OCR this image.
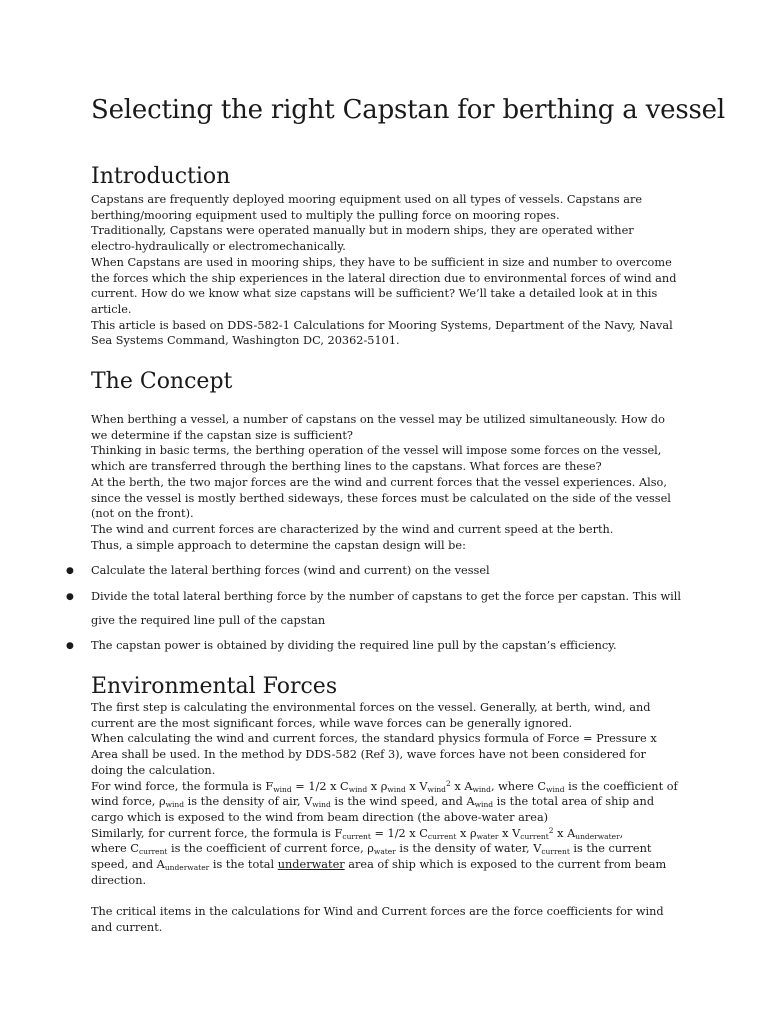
Selecting the right Capstan for berthing a vessel
Introduction

Capstans are frequently deployed mooring equipment used on all types of vessels. Capstans are berthing/mooring equipment used to multiply the pulling force on mooring ropes.

Traditionally, Capstans were operated manually but in modern ships, they are operated wither electro-hydraulically or electromechanically.

When Capstans are used in mooring ships, they have to be sufficient in size and number to overcome the forces which the ship experiences in the lateral direction due to environmental forces of wind and current. How do we know what size capstans will be sufficient? We’ll take a detailed look at in this article.

This article is based on DDS-582-1 Calculations for Mooring Systems, Department of the Navy, Naval Sea Systems Command, Washington DC, 20362-5101.

The Concept

When berthing a vessel, a number of capstans on the vessel may be utilized simultaneously. How do we determine if the capstan size is sufficient?

Thinking in basic terms, the berthing operation of the vessel will impose some forces on the vessel, which are transferred through the berthing lines to the capstans. What forces are these?

At the berth, the two major forces are the wind and current forces that the vessel experiences. Also, since the vessel is mostly berthed sideways, these forces must be calculated on the side of the vessel (not on the front).

The wind and current forces are characterized by the wind and current speed at the berth.

Thus, a simple approach to determine the capstan design will be:

● Calculate the lateral berthing forces (wind and current) on the vessel
● Divide the total lateral berthing force by the number of capstans to get the force per capstan. This will give the required line pull of the capstan
● The capstan power is obtained by dividing the required line pull by the capstan’s efficiency.
Environmental Forces

The first step is calculating the environmental forces on the vessel. Generally, at berth, wind, and current are the most significant forces, while wave forces can be generally ignored.

When calculating the wind and current forces, the standard physics formula of Force = Pressure x Area shall be used. In the method by DDS-582 (Ref 3), wave forces have not been considered for doing the calculation.

For wind force, the formula is $F_{wind} = 1/2$ x $C_{wind}$ x $\rho_{wind}$ x $V_{wind}^2$ x $A_{wind}$, where $C_{wind}$ is the coefficient of wind force, $\rho_{wind}$ is the density of air, $V_{wind}$ is the wind speed, and $A_{wind}$ is the total area of ship and cargo which is exposed to the wind from beam direction (the above-water area)

Similarly, for current force, the formula is $F_{current} = 1/2$ x $C_{current}$ x $\rho_{water}$ x $V_{current}^2$ x $A_{underwater}$,

where $C_{current}$ is the coefficient of current force, $\rho_{water}$ is the density of water, $V_{current}$ is the current speed, and $A_{underwater}$ is the total underwater area of ship which is exposed to the current from beam direction.

The critical items in the calculations for Wind and Current forces are the force coefficients for wind and current.
